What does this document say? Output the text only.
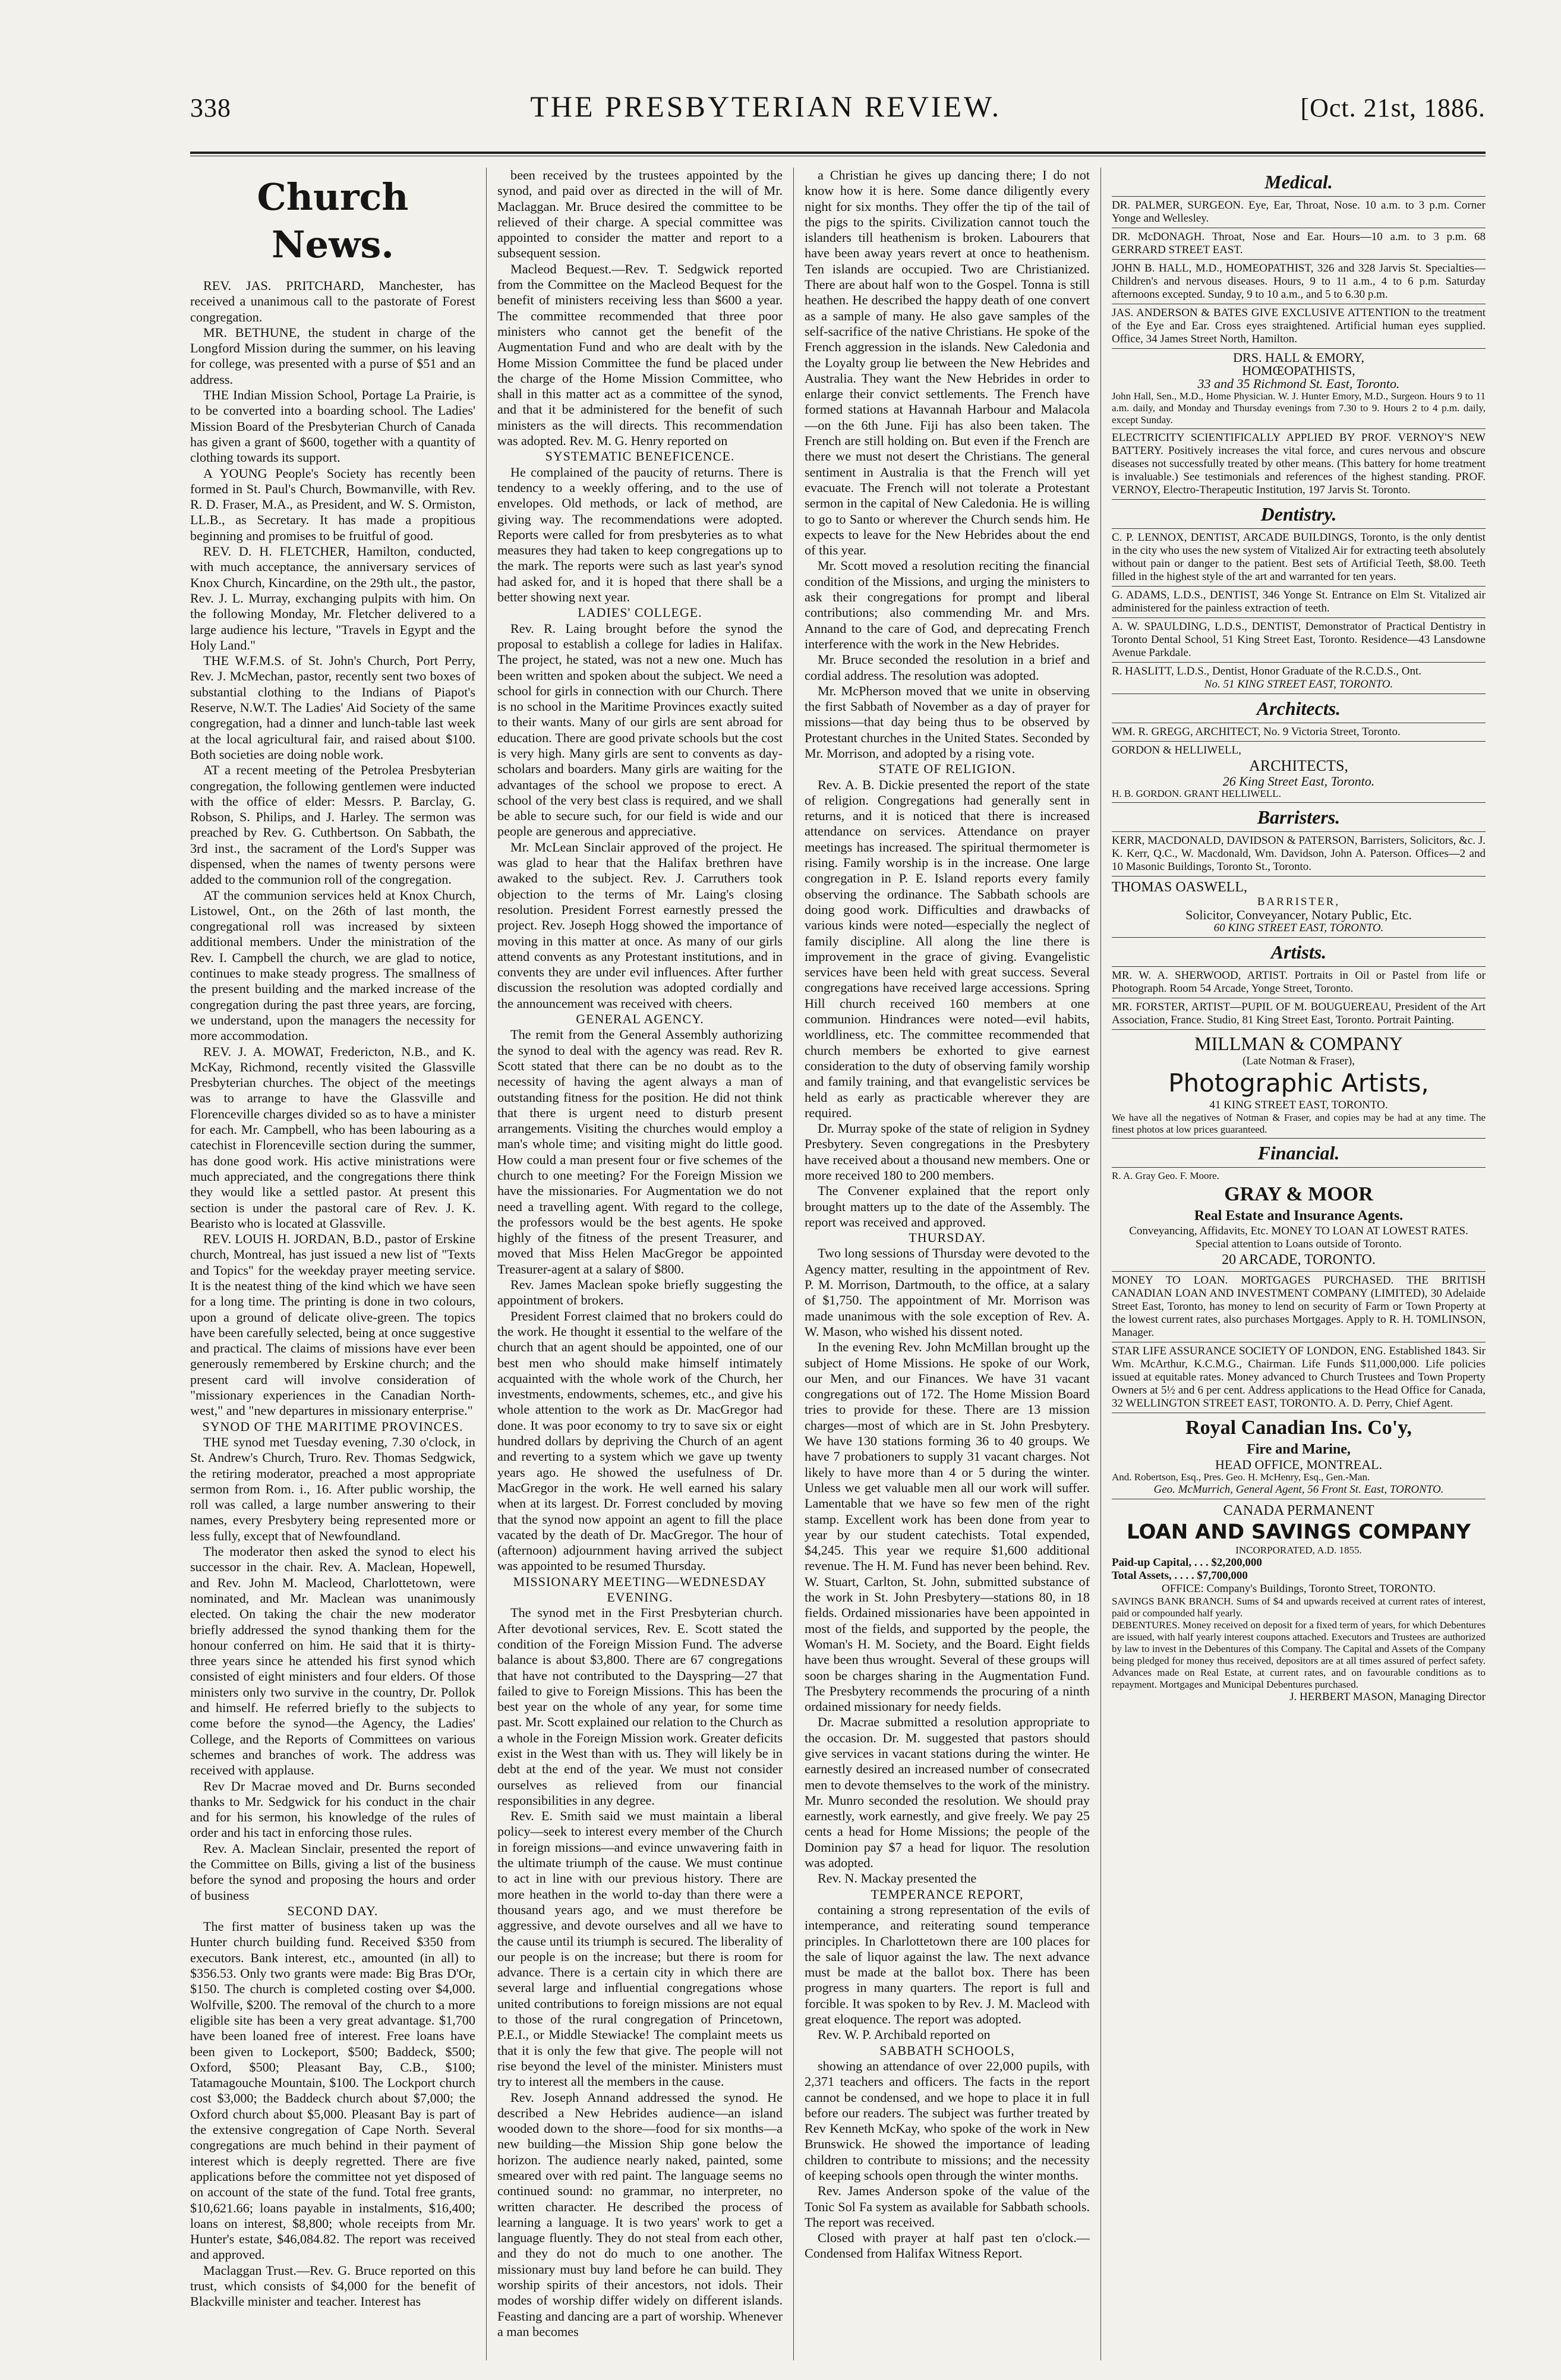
338	THE PRESBYTERIAN REVIEW.	[Oct. 21st, 1886.
Church News.

REV. JAS. PRITCHARD, Manchester, has received a unanimous call to the pastorate of Forest congregation.

MR. BETHUNE, the student in charge of the Longford Mission during the summer, on his leaving for college, was presented with a purse of $51 and an address.

THE Indian Mission School, Portage La Prairie, is to be converted into a boarding school. The Ladies' Mission Board of the Presbyterian Church of Canada has given a grant of $600, together with a quantity of clothing towards its support.

A YOUNG People's Society has recently been formed in St. Paul's Church, Bowmanville, with Rev. R. D. Fraser, M.A., as President, and W. S. Ormiston, LL.B., as Secretary. It has made a propitious beginning and promises to be fruitful of good.

REV. D. H. FLETCHER, Hamilton, conducted, with much acceptance, the anniversary services of Knox Church, Kincardine, on the 29th ult., the pastor, Rev. J. L. Murray, exchanging pulpits with him. On the following Monday, Mr. Fletcher delivered to a large audience his lecture, "Travels in Egypt and the Holy Land."

THE W.F.M.S. of St. John's Church, Port Perry, Rev. J. McMechan, pastor, recently sent two boxes of substantial clothing to the Indians of Piapot's Reserve, N.W.T. The Ladies' Aid Society of the same congregation, had a dinner and lunch-table last week at the local agricultural fair, and raised about $100. Both societies are doing noble work.

AT a recent meeting of the Petrolea Presbyterian congregation, the following gentlemen were inducted with the office of elder: Messrs. P. Barclay, G. Robson, S. Philips, and J. Harley. The sermon was preached by Rev. G. Cuthbertson. On Sabbath, the 3rd inst., the sacrament of the Lord's Supper was dispensed, when the names of twenty persons were added to the communion roll of the congregation.

AT the communion services held at Knox Church, Listowel, Ont., on the 26th of last month, the congregational roll was increased by sixteen additional members. Under the ministration of the Rev. I. Campbell the church, we are glad to notice, continues to make steady progress. The smallness of the present building and the marked increase of the congregation during the past three years, are forcing, we understand, upon the managers the necessity for more accommodation.

REV. J. A. MOWAT, Fredericton, N.B., and K. McKay, Richmond, recently visited the Glassville Presbyterian churches. The object of the meetings was to arrange to have the Glassville and Florenceville charges divided so as to have a minister for each. Mr. Campbell, who has been labouring as a catechist in Florenceville section during the summer, has done good work. His active ministrations were much appreciated, and the congregations there think they would like a settled pastor. At present this section is under the pastoral care of Rev. J. K. Bearisto who is located at Glassville.

REV. LOUIS H. JORDAN, B.D., pastor of Erskine church, Montreal, has just issued a new list of "Texts and Topics" for the weekday prayer meeting service. It is the neatest thing of the kind which we have seen for a long time. The printing is done in two colours, upon a ground of delicate olive-green. The topics have been carefully selected, being at once suggestive and practical. The claims of missions have ever been generously remembered by Erskine church; and the present card will involve consideration of "missionary experiences in the Canadian North-west," and "new departures in missionary enterprise."

SYNOD OF THE MARITIME PROVINCES.

THE synod met Tuesday evening, 7.30 o'clock, in St. Andrew's Church, Truro. Rev. Thomas Sedgwick, the retiring moderator, preached a most appropriate sermon from Rom. i., 16. After public worship, the roll was called, a large number answering to their names, every Presbytery being represented more or less fully, except that of Newfoundland.

The moderator then asked the synod to elect his successor in the chair. Rev. A. Maclean, Hopewell, and Rev. John M. Macleod, Charlottetown, were nominated, and Mr. Maclean was unanimously elected. On taking the chair the new moderator briefly addressed the synod thanking them for the honour conferred on him. He said that it is thirty-three years since he attended his first synod which consisted of eight ministers and four elders. Of those ministers only two survive in the country, Dr. Pollok and himself. He referred briefly to the subjects to come before the synod—the Agency, the Ladies' College, and the Reports of Committees on various schemes and branches of work. The address was received with applause.

Rev Dr Macrae moved and Dr. Burns seconded thanks to Mr. Sedgwick for his conduct in the chair and for his sermon, his knowledge of the rules of order and his tact in enforcing those rules.

Rev. A. Maclean Sinclair, presented the report of the Committee on Bills, giving a list of the business before the synod and proposing the hours and order of business

SECOND DAY.

The first matter of business taken up was the Hunter church building fund. Received $350 from executors. Bank interest, etc., amounted (in all) to $356.53. Only two grants were made: Big Bras D'Or, $150. The church is completed costing over $4,000. Wolfville, $200. The removal of the church to a more eligible site has been a very great advantage. $1,700 have been loaned free of interest. Free loans have been given to Lockeport, $500; Baddeck, $500; Oxford, $500; Pleasant Bay, C.B., $100; Tatamagouche Mountain, $100. The Lockport church cost $3,000; the Baddeck church about $7,000; the Oxford church about $5,000. Pleasant Bay is part of the extensive congregation of Cape North. Several congregations are much behind in their payment of interest which is deeply regretted. There are five applications before the committee not yet disposed of on account of the state of the fund. Total free grants, $10,621.66; loans payable in instalments, $16,400; loans on interest, $8,800; whole receipts from Mr. Hunter's estate, $46,084.82. The report was received and approved.

Maclaggan Trust.—Rev. G. Bruce reported on this trust, which consists of $4,000 for the benefit of Blackville minister and teacher. Interest has

been received by the trustees appointed by the synod, and paid over as directed in the will of Mr. Maclaggan. Mr. Bruce desired the committee to be relieved of their charge. A special committee was appointed to consider the matter and report to a subsequent session.

Macleod Bequest.—Rev. T. Sedgwick reported from the Committee on the Macleod Bequest for the benefit of ministers receiving less than $600 a year. The committee recommended that three poor ministers who cannot get the benefit of the Augmentation Fund and who are dealt with by the Home Mission Committee the fund be placed under the charge of the Home Mission Committee, who shall in this matter act as a committee of the synod, and that it be administered for the benefit of such ministers as the will directs. This recommendation was adopted. Rev. M. G. Henry reported on

SYSTEMATIC BENEFICENCE.

He complained of the paucity of returns. There is tendency to a weekly offering, and to the use of envelopes. Old methods, or lack of method, are giving way. The recommendations were adopted. Reports were called for from presbyteries as to what measures they had taken to keep congregations up to the mark. The reports were such as last year's synod had asked for, and it is hoped that there shall be a better showing next year.

LADIES' COLLEGE.

Rev. R. Laing brought before the synod the proposal to establish a college for ladies in Halifax. The project, he stated, was not a new one. Much has been written and spoken about the subject. We need a school for girls in connection with our Church. There is no school in the Maritime Provinces exactly suited to their wants. Many of our girls are sent abroad for education. There are good private schools but the cost is very high. Many girls are sent to convents as day-scholars and boarders. Many girls are waiting for the advantages of the school we propose to erect. A school of the very best class is required, and we shall be able to secure such, for our field is wide and our people are generous and appreciative.

Mr. McLean Sinclair approved of the project. He was glad to hear that the Halifax brethren have awaked to the subject. Rev. J. Carruthers took objection to the terms of Mr. Laing's closing resolution. President Forrest earnestly pressed the project. Rev. Joseph Hogg showed the importance of moving in this matter at once. As many of our girls attend convents as any Protestant institutions, and in convents they are under evil influences. After further discussion the resolution was adopted cordially and the announcement was received with cheers.

GENERAL AGENCY.

The remit from the General Assembly authorizing the synod to deal with the agency was read. Rev R. Scott stated that there can be no doubt as to the necessity of having the agent always a man of outstanding fitness for the position. He did not think that there is urgent need to disturb present arrangements. Visiting the churches would employ a man's whole time; and visiting might do little good. How could a man present four or five schemes of the church to one meeting? For the Foreign Mission we have the missionaries. For Augmentation we do not need a travelling agent. With regard to the college, the professors would be the best agents. He spoke highly of the fitness of the present Treasurer, and moved that Miss Helen MacGregor be appointed Treasurer-agent at a salary of $800.

Rev. James Maclean spoke briefly suggesting the appointment of brokers.

President Forrest claimed that no brokers could do the work. He thought it essential to the welfare of the church that an agent should be appointed, one of our best men who should make himself intimately acquainted with the whole work of the Church, her investments, endowments, schemes, etc., and give his whole attention to the work as Dr. MacGregor had done. It was poor economy to try to save six or eight hundred dollars by depriving the Church of an agent and reverting to a system which we gave up twenty years ago. He showed the usefulness of Dr. MacGregor in the work. He well earned his salary when at its largest. Dr. Forrest concluded by moving that the synod now appoint an agent to fill the place vacated by the death of Dr. MacGregor. The hour of (afternoon) adjournment having arrived the subject was appointed to be resumed Thursday.

MISSIONARY MEETING—WEDNESDAY EVENING.

The synod met in the First Presbyterian church. After devotional services, Rev. E. Scott stated the condition of the Foreign Mission Fund. The adverse balance is about $3,800. There are 67 congregations that have not contributed to the Dayspring—27 that failed to give to Foreign Missions. This has been the best year on the whole of any year, for some time past. Mr. Scott explained our relation to the Church as a whole in the Foreign Mission work. Greater deficits exist in the West than with us. They will likely be in debt at the end of the year. We must not consider ourselves as relieved from our financial responsibilities in any degree.

Rev. E. Smith said we must maintain a liberal policy—seek to interest every member of the Church in foreign missions—and evince unwavering faith in the ultimate triumph of the cause. We must continue to act in line with our previous history. There are more heathen in the world to-day than there were a thousand years ago, and we must therefore be aggressive, and devote ourselves and all we have to the cause until its triumph is secured. The liberality of our people is on the increase; but there is room for advance. There is a certain city in which there are several large and influential congregations whose united contributions to foreign missions are not equal to those of the rural congregation of Princetown, P.E.I., or Middle Stewiacke! The complaint meets us that it is only the few that give. The people will not rise beyond the level of the minister. Ministers must try to interest all the members in the cause.

Rev. Joseph Annand addressed the synod. He described a New Hebrides audience—an island wooded down to the shore—food for six months—a new building—the Mission Ship gone below the horizon. The audience nearly naked, painted, some smeared over with red paint. The language seems no continued sound: no grammar, no interpreter, no written character. He described the process of learning a language. It is two years' work to get a language fluently. They do not steal from each other, and they do not do much to one another. The missionary must buy land before he can build. They worship spirits of their ancestors, not idols. Their modes of worship differ widely on different islands. Feasting and dancing are a part of worship. Whenever a man becomes

a Christian he gives up dancing there; I do not know how it is here. Some dance diligently every night for six months. They offer the tip of the tail of the pigs to the spirits. Civilization cannot touch the islanders till heathenism is broken. Labourers that have been away years revert at once to heathenism. Ten islands are occupied. Two are Christianized. There are about half won to the Gospel. Tonna is still heathen. He described the happy death of one convert as a sample of many. He also gave samples of the self-sacrifice of the native Christians. He spoke of the French aggression in the islands. New Caledonia and the Loyalty group lie between the New Hebrides and Australia. They want the New Hebrides in order to enlarge their convict settlements. The French have formed stations at Havannah Harbour and Malacola—on the 6th June. Fiji has also been taken. The French are still holding on. But even if the French are there we must not desert the Christians. The general sentiment in Australia is that the French will yet evacuate. The French will not tolerate a Protestant sermon in the capital of New Caledonia. He is willing to go to Santo or wherever the Church sends him. He expects to leave for the New Hebrides about the end of this year.

Mr. Scott moved a resolution reciting the financial condition of the Missions, and urging the ministers to ask their congregations for prompt and liberal contributions; also commending Mr. and Mrs. Annand to the care of God, and deprecating French interference with the work in the New Hebrides.

Mr. Bruce seconded the resolution in a brief and cordial address. The resolution was adopted.

Mr. McPherson moved that we unite in observing the first Sabbath of November as a day of prayer for missions—that day being thus to be observed by Protestant churches in the United States. Seconded by Mr. Morrison, and adopted by a rising vote.

STATE OF RELIGION.

Rev. A. B. Dickie presented the report of the state of religion. Congregations had generally sent in returns, and it is noticed that there is increased attendance on services. Attendance on prayer meetings has increased. The spiritual thermometer is rising. Family worship is in the increase. One large congregation in P. E. Island reports every family observing the ordinance. The Sabbath schools are doing good work. Difficulties and drawbacks of various kinds were noted—especially the neglect of family discipline. All along the line there is improvement in the grace of giving. Evangelistic services have been held with great success. Several congregations have received large accessions. Spring Hill church received 160 members at one communion. Hindrances were noted—evil habits, worldliness, etc. The committee recommended that church members be exhorted to give earnest consideration to the duty of observing family worship and family training, and that evangelistic services be held as early as practicable wherever they are required.

Dr. Murray spoke of the state of religion in Sydney Presbytery. Seven congregations in the Presbytery have received about a thousand new members. One or more received 180 to 200 members.

The Convener explained that the report only brought matters up to the date of the Assembly. The report was received and approved.

THURSDAY.

Two long sessions of Thursday were devoted to the Agency matter, resulting in the appointment of Rev. P. M. Morrison, Dartmouth, to the office, at a salary of $1,750. The appointment of Mr. Morrison was made unanimous with the sole exception of Rev. A. W. Mason, who wished his dissent noted.

In the evening Rev. John McMillan brought up the subject of Home Missions. He spoke of our Work, our Men, and our Finances. We have 31 vacant congregations out of 172. The Home Mission Board tries to provide for these. There are 13 mission charges—most of which are in St. John Presbytery. We have 130 stations forming 36 to 40 groups. We have 7 probationers to supply 31 vacant charges. Not likely to have more than 4 or 5 during the winter. Unless we get valuable men all our work will suffer. Lamentable that we have so few men of the right stamp. Excellent work has been done from year to year by our student catechists. Total expended, $4,245. This year we require $1,600 additional revenue. The H. M. Fund has never been behind. Rev. W. Stuart, Carlton, St. John, submitted substance of the work in St. John Presbytery—stations 80, in 18 fields. Ordained missionaries have been appointed in most of the fields, and supported by the people, the Woman's H. M. Society, and the Board. Eight fields have been thus wrought. Several of these groups will soon be charges sharing in the Augmentation Fund. The Presbytery recommends the procuring of a ninth ordained missionary for needy fields.

Dr. Macrae submitted a resolution appropriate to the occasion. Dr. M. suggested that pastors should give services in vacant stations during the winter. He earnestly desired an increased number of consecrated men to devote themselves to the work of the ministry. Mr. Munro seconded the resolution. We should pray earnestly, work earnestly, and give freely. We pay 25 cents a head for Home Missions; the people of the Dominion pay $7 a head for liquor. The resolution was adopted.

Rev. N. Mackay presented the

TEMPERANCE REPORT,

containing a strong representation of the evils of intemperance, and reiterating sound temperance principles. In Charlottetown there are 100 places for the sale of liquor against the law. The next advance must be made at the ballot box. There has been progress in many quarters. The report is full and forcible. It was spoken to by Rev. J. M. Macleod with great eloquence. The report was adopted.

Rev. W. P. Archibald reported on

SABBATH SCHOOLS,

showing an attendance of over 22,000 pupils, with 2,371 teachers and officers. The facts in the report cannot be condensed, and we hope to place it in full before our readers. The subject was further treated by Rev Kenneth McKay, who spoke of the work in New Brunswick. He showed the importance of leading children to contribute to missions; and the necessity of keeping schools open through the winter months.

Rev. James Anderson spoke of the value of the Tonic Sol Fa system as available for Sabbath schools. The report was received.

Closed with prayer at half past ten o'clock.—Condensed from Halifax Witness Report.

Medical.
DR. PALMER, SURGEON. Eye, Ear, Throat, Nose. 10 a.m. to 3 p.m. Corner Yonge and Wellesley.
DR. McDONAGH. Throat, Nose and Ear. Hours—10 a.m. to 3 p.m. 68 GERRARD STREET EAST.
JOHN B. HALL, M.D., HOMEOPATHIST, 326 and 328 Jarvis St. Specialties—Children's and nervous diseases. Hours, 9 to 11 a.m., 4 to 6 p.m. Saturday afternoons excepted. Sunday, 9 to 10 a.m., and 5 to 6.30 p.m.
JAS. ANDERSON & BATES GIVE EXCLUSIVE ATTENTION to the treatment of the Eye and Ear. Cross eyes straightened. Artificial human eyes supplied. Office, 34 James Street North, Hamilton.
DRS. HALL & EMORY,
HOMŒOPATHISTS,
33 and 35 Richmond St. East, Toronto.
John Hall, Sen., M.D., Home Physician. W. J. Hunter Emory, M.D., Surgeon. Hours 9 to 11 a.m. daily, and Monday and Thursday evenings from 7.30 to 9. Hours 2 to 4 p.m. daily, except Sunday.
ELECTRICITY SCIENTIFICALLY APPLIED BY PROF. VERNOY'S NEW BATTERY. Positively increases the vital force, and cures nervous and obscure diseases not successfully treated by other means. (This battery for home treatment is invaluable.) See testimonials and references of the highest standing. PROF. VERNOY, Electro-Therapeutic Institution, 197 Jarvis St. Toronto.
Dentistry.
C. P. LENNOX, DENTIST, ARCADE BUILDINGS, Toronto, is the only dentist in the city who uses the new system of Vitalized Air for extracting teeth absolutely without pain or danger to the patient. Best sets of Artificial Teeth, $8.00. Teeth filled in the highest style of the art and warranted for ten years.
G. ADAMS, L.D.S., DENTIST, 346 Yonge St. Entrance on Elm St. Vitalized air administered for the painless extraction of teeth.
A. W. SPAULDING, L.D.S., DENTIST, Demonstrator of Practical Dentistry in Toronto Dental School, 51 King Street East, Toronto. Residence—43 Lansdowne Avenue Parkdale.
R. HASLITT, L.D.S., Dentist, Honor Graduate of the R.C.D.S., Ont.
No. 51 KING STREET EAST, TORONTO.
Architects.
WM. R. GREGG, ARCHITECT, No. 9 Victoria Street, Toronto.
GORDON & HELLIWELL,
ARCHITECTS,
26 King Street East, Toronto.
H. B. GORDON. GRANT HELLIWELL.
Barristers.
KERR, MACDONALD, DAVIDSON & PATERSON, Barristers, Solicitors, &c. J. K. Kerr, Q.C., W. Macdonald, Wm. Davidson, John A. Paterson. Offices—2 and 10 Masonic Buildings, Toronto St., Toronto.
THOMAS OASWELL,
BARRISTER,
Solicitor, Conveyancer, Notary Public, Etc.
60 KING STREET EAST, TORONTO.
Artists.
MR. W. A. SHERWOOD, ARTIST. Portraits in Oil or Pastel from life or Photograph. Room 54 Arcade, Yonge Street, Toronto.
MR. FORSTER, ARTIST—PUPIL OF M. BOUGUEREAU, President of the Art Association, France. Studio, 81 King Street East, Toronto. Portrait Painting.
MILLMAN & COMPANY
(Late Notman & Fraser),
Photographic Artists,
41 KING STREET EAST, TORONTO.
We have all the negatives of Notman & Fraser, and copies may be had at any time. The finest photos at low prices guaranteed.
Financial.
R. A. Gray Geo. F. Moore.
GRAY & MOOR
Real Estate and Insurance Agents.
Conveyancing, Affidavits, Etc. MONEY TO LOAN AT LOWEST RATES. Special attention to Loans outside of Toronto.
20 ARCADE, TORONTO.
MONEY TO LOAN. MORTGAGES PURCHASED. THE BRITISH CANADIAN LOAN AND INVESTMENT COMPANY (LIMITED), 30 Adelaide Street East, Toronto, has money to lend on security of Farm or Town Property at the lowest current rates, also purchases Mortgages. Apply to R. H. TOMLINSON, Manager.
STAR LIFE ASSURANCE SOCIETY OF LONDON, ENG. Established 1843. Sir Wm. McArthur, K.C.M.G., Chairman. Life Funds $11,000,000. Life policies issued at equitable rates. Money advanced to Church Trustees and Town Property Owners at 5½ and 6 per cent. Address applications to the Head Office for Canada, 32 WELLINGTON STREET EAST, TORONTO. A. D. Perry, Chief Agent.
Royal Canadian Ins. Co'y,
Fire and Marine,
HEAD OFFICE, MONTREAL.
And. Robertson, Esq., Pres. Geo. H. McHenry, Esq., Gen.-Man.
Geo. McMurrich, General Agent, 56 Front St. East, TORONTO.
CANADA PERMANENT
LOAN AND SAVINGS COMPANY
INCORPORATED, A.D. 1855.
Paid-up Capital, . . . $2,200,000
Total Assets, . . . . $7,700,000
OFFICE: Company's Buildings, Toronto Street, TORONTO.
SAVINGS BANK BRANCH. Sums of $4 and upwards received at current rates of interest, paid or compounded half yearly.
DEBENTURES. Money received on deposit for a fixed term of years, for which Debentures are issued, with half yearly interest coupons attached. Executors and Trustees are authorized by law to invest in the Debentures of this Company. The Capital and Assets of the Company being pledged for money thus received, depositors are at all times assured of perfect safety. Advances made on Real Estate, at current rates, and on favourable conditions as to repayment. Mortgages and Municipal Debentures purchased.
J. HERBERT MASON, Managing Director
